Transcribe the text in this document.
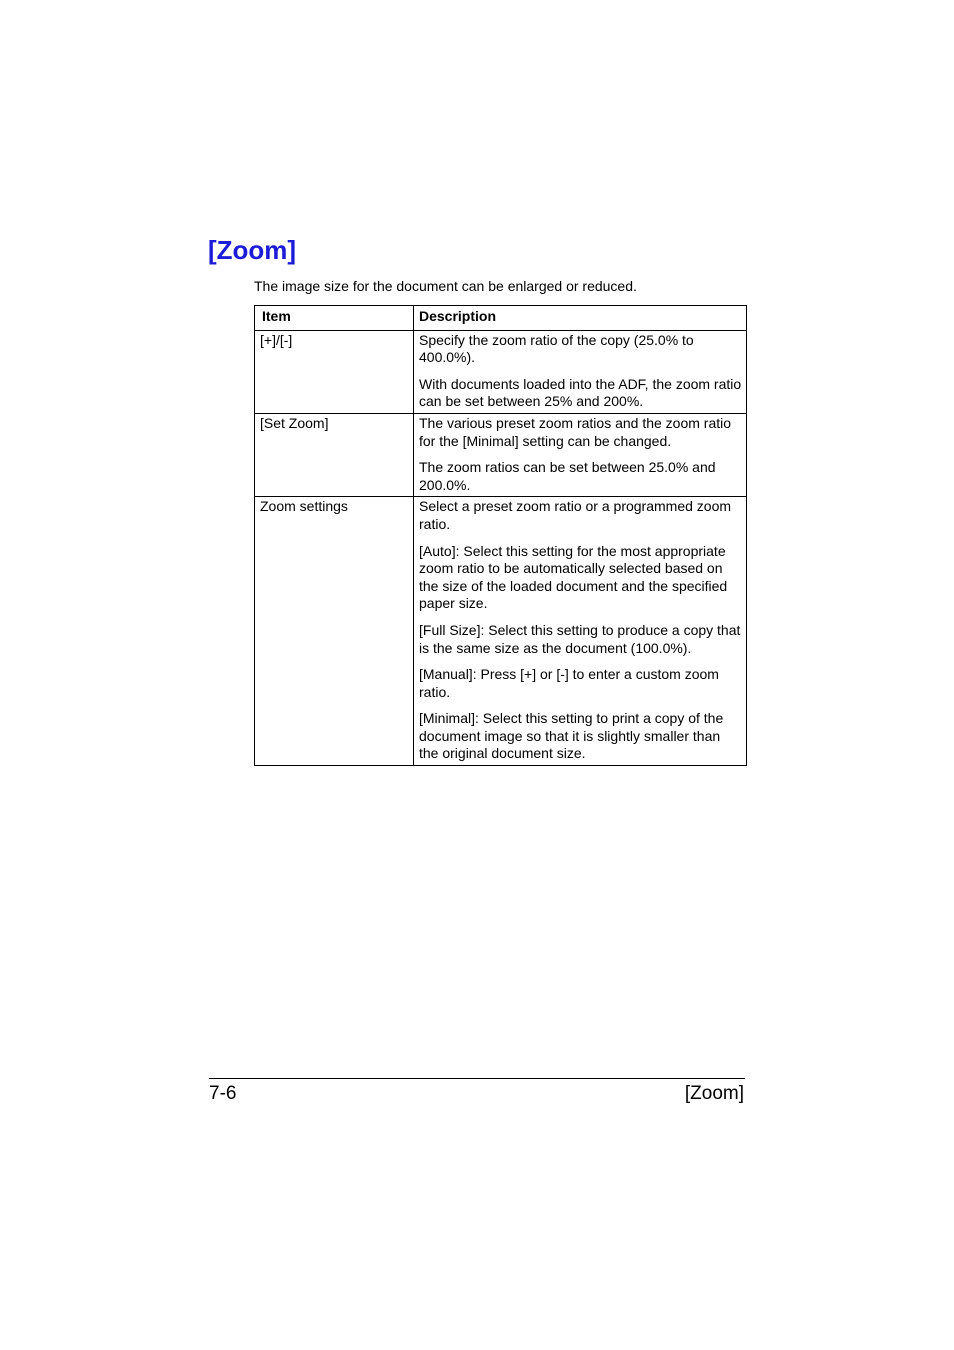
[Zoom]

The image size for the document can be enlarged or reduced.

Item	Description
[+]/[-]	Specify the zoom ratio of the copy (25.0% to 400.0%).

With documents loaded into the ADF, the zoom ratio can be set between 25% and 200%.

[Set Zoom]	The various preset zoom ratios and the zoom ratio for the [Minimal] setting can be changed.

The zoom ratios can be set between 25.0% and 200.0%.

Zoom settings	Select a preset zoom ratio or a programmed zoom ratio.

[Auto]: Select this setting for the most appropriate zoom ratio to be automatically selected based on the size of the loaded document and the specified paper size.

[Full Size]: Select this setting to produce a copy that is the same size as the document (100.0%).

[Manual]: Press [+] or [-] to enter a custom zoom ratio.

[Minimal]: Select this setting to print a copy of the document image so that it is slightly smaller than the original document size.

7-6	[Zoom]
